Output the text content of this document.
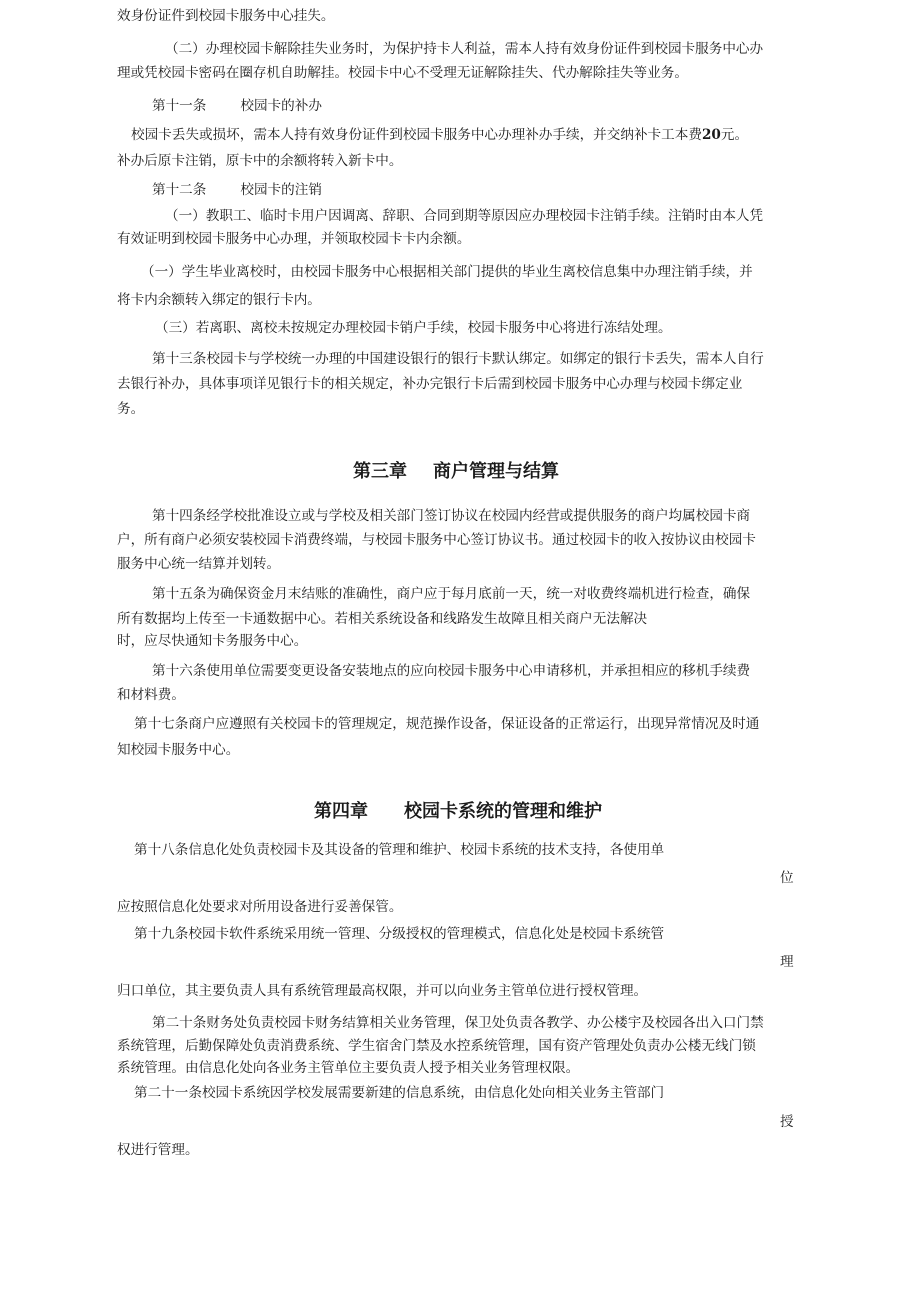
效身份证件到校园卡服务中心挂失。
（二）办理校园卡解除挂失业务时，为保护持卡人利益，需本人持有效身份证件到校园卡服务中心办
理或凭校园卡密码在圈存机自助解挂。校园卡中心不受理无证解除挂失、代办解除挂失等业务。
第十一条	校园卡的补办
校园卡丢失或损坏，需本人持有效身份证件到校园卡服务中心办理补办手续，并交纳补卡工本费20元。
补办后原卡注销，原卡中的余额将转入新卡中。
第十二条	校园卡的注销
（一）教职工、临时卡用户因调离、辞职、合同到期等原因应办理校园卡注销手续。注销时由本人凭
有效证明到校园卡服务中心办理，并领取校园卡卡内余额。
（一）学生毕业离校时，由校园卡服务中心根据相关部门提供的毕业生离校信息集中办理注销手续，并
将卡内余额转入绑定的银行卡内。
（三）若离职、离校未按规定办理校园卡销户手续，校园卡服务中心将进行冻结处理。
第十三条校园卡与学校统一办理的中国建设银行的银行卡默认绑定。如绑定的银行卡丢失，需本人自行
去银行补办，具体事项详见银行卡的相关规定，补办完银行卡后需到校园卡服务中心办理与校园卡绑定业
务。
第三章 商户管理与结算
第十四条经学校批准设立或与学校及相关部门签订协议在校园内经营或提供服务的商户均属校园卡商
户，所有商户必须安装校园卡消费终端，与校园卡服务中心签订协议书。通过校园卡的收入按协议由校园卡
服务中心统一结算并划转。
第十五条为确保资金月末结账的准确性，商户应于每月底前一天，统一对收费终端机进行检查，确保
所有数据均上传至一卡通数据中心。若相关系统设备和线路发生故障且相关商户无法解决
时，应尽快通知卡务服务中心。
第十六条使用单位需要变更设备安装地点的应向校园卡服务中心申请移机，并承担相应的移机手续费
和材料费。
第十七条商户应遵照有关校园卡的管理规定，规范操作设备，保证设备的正常运行，出现异常情况及时通
知校园卡服务中心。
第四章 校园卡系统的管理和维护
第十八条信息化处负责校园卡及其设备的管理和维护、校园卡系统的技术支持，各使用单
位
应按照信息化处要求对所用设备进行妥善保管。
第十九条校园卡软件系统采用统一管理、分级授权的管理模式，信息化处是校园卡系统管
理
归口单位，其主要负责人具有系统管理最高权限，并可以向业务主管单位进行授权管理。
第二十条财务处负责校园卡财务结算相关业务管理，保卫处负责各教学、办公楼宇及校园各出入口门禁
系统管理，后勤保障处负责消费系统、学生宿舍门禁及水控系统管理，国有资产管理处负责办公楼无线门锁
系统管理。由信息化处向各业务主管单位主要负责人授予相关业务管理权限。
第二十一条校园卡系统因学校发展需要新建的信息系统，由信息化处向相关业务主管部门
授
权进行管理。
